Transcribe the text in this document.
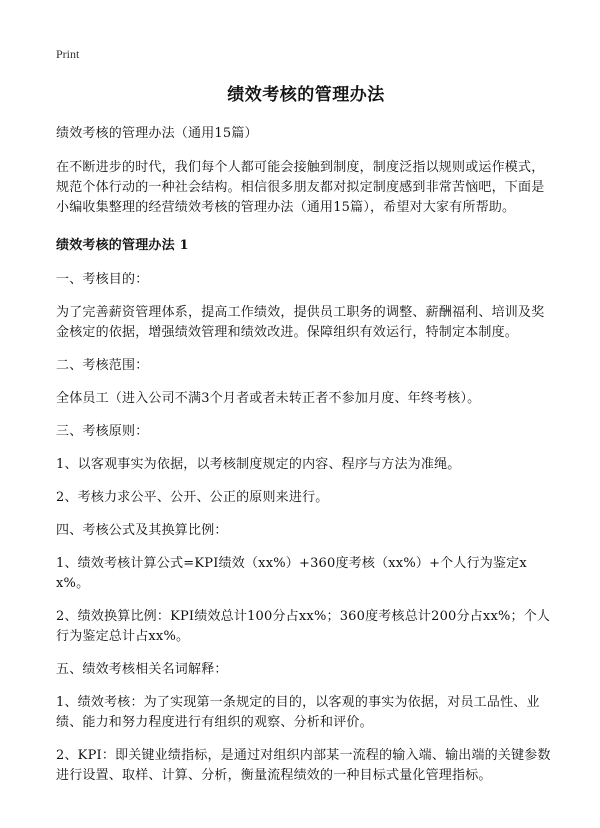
Print
绩效考核的管理办法
绩效考核的管理办法（通用15篇）
在不断进步的时代，我们每个人都可能会接触到制度，制度泛指以规则或运作模式，规范个体行动的一种社会结构。相信很多朋友都对拟定制度感到非常苦恼吧，下面是小编收集整理的经营绩效考核的管理办法（通用15篇），希望对大家有所帮助。
绩效考核的管理办法 1
一、考核目的：
为了完善薪资管理体系，提高工作绩效，提供员工职务的调整、薪酬福利、培训及奖金核定的依据，增强绩效管理和绩效改进。保障组织有效运行，特制定本制度。
二、考核范围：
全体员工（进入公司不满3个月者或者未转正者不参加月度、年终考核）。
三、考核原则：
1、以客观事实为依据，以考核制度规定的内容、程序与方法为准绳。
2、考核力求公平、公开、公正的原则来进行。
四、考核公式及其换算比例：
1、绩效考核计算公式=KPI绩效（xx%）+360度考核（xx%）+个人行为鉴定xx%。
2、绩效换算比例：KPI绩效总计100分占xx%；360度考核总计200分占xx%；个人行为鉴定总计占xx%。
五、绩效考核相关名词解释：
1、绩效考核：为了实现第一条规定的目的，以客观的事实为依据，对员工品性、业绩、能力和努力程度进行有组织的观察、分析和评价。
2、KPI：即关键业绩指标，是通过对组织内部某一流程的输入端、输出端的关键参数进行设置、取样、计算、分析，衡量流程绩效的一种目标式量化管理指标。
